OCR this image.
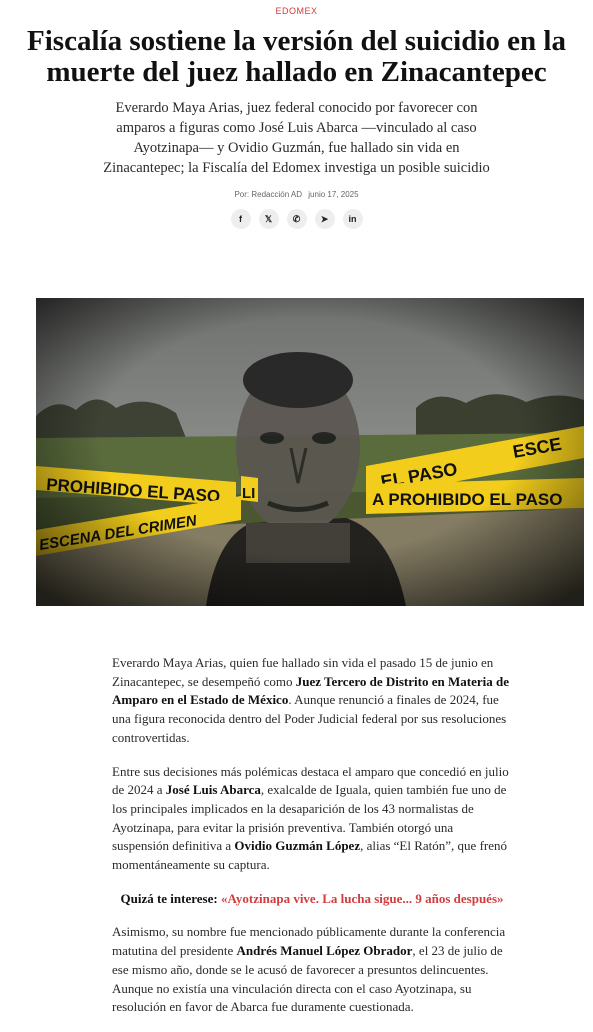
EDOMEX
Fiscalía sostiene la versión del suicidio en la muerte del juez hallado en Zinacantepec
Everardo Maya Arias, juez federal conocido por favorecer con amparos a figuras como José Luis Abarca —vinculado al caso Ayotzinapa— y Ovidio Guzmán, fue hallado sin vida en Zinacantepec; la Fiscalía del Edomex investiga un posible suicidio
Por: Redacción AD junio 17, 2025
f	𝕏	✆	➤	in

Everardo Maya Arias, quien fue hallado sin vida el pasado 15 de junio en Zinacantepec, se desempeñó como Juez Tercero de Distrito en Materia de Amparo en el Estado de México. Aunque renunció a finales de 2024, fue una figura reconocida dentro del Poder Judicial federal por sus resoluciones controvertidas.

Entre sus decisiones más polémicas destaca el amparo que concedió en julio de 2024 a José Luis Abarca, exalcalde de Iguala, quien también fue uno de los principales implicados en la desaparición de los 43 normalistas de Ayotzinapa, para evitar la prisión preventiva. También otorgó una suspensión definitiva a Ovidio Guzmán López, alias “El Ratón”, que frenó momentáneamente su captura.

Quizá te interese: «Ayotzinapa vive. La lucha sigue... 9 años después»

Asimismo, su nombre fue mencionado públicamente durante la conferencia matutina del presidente Andrés Manuel López Obrador, el 23 de julio de ese mismo año, donde se le acusó de favorecer a presuntos delincuentes. Aunque no existía una vinculación directa con el caso Ayotzinapa, su resolución en favor de Abarca fue duramente cuestionada.
